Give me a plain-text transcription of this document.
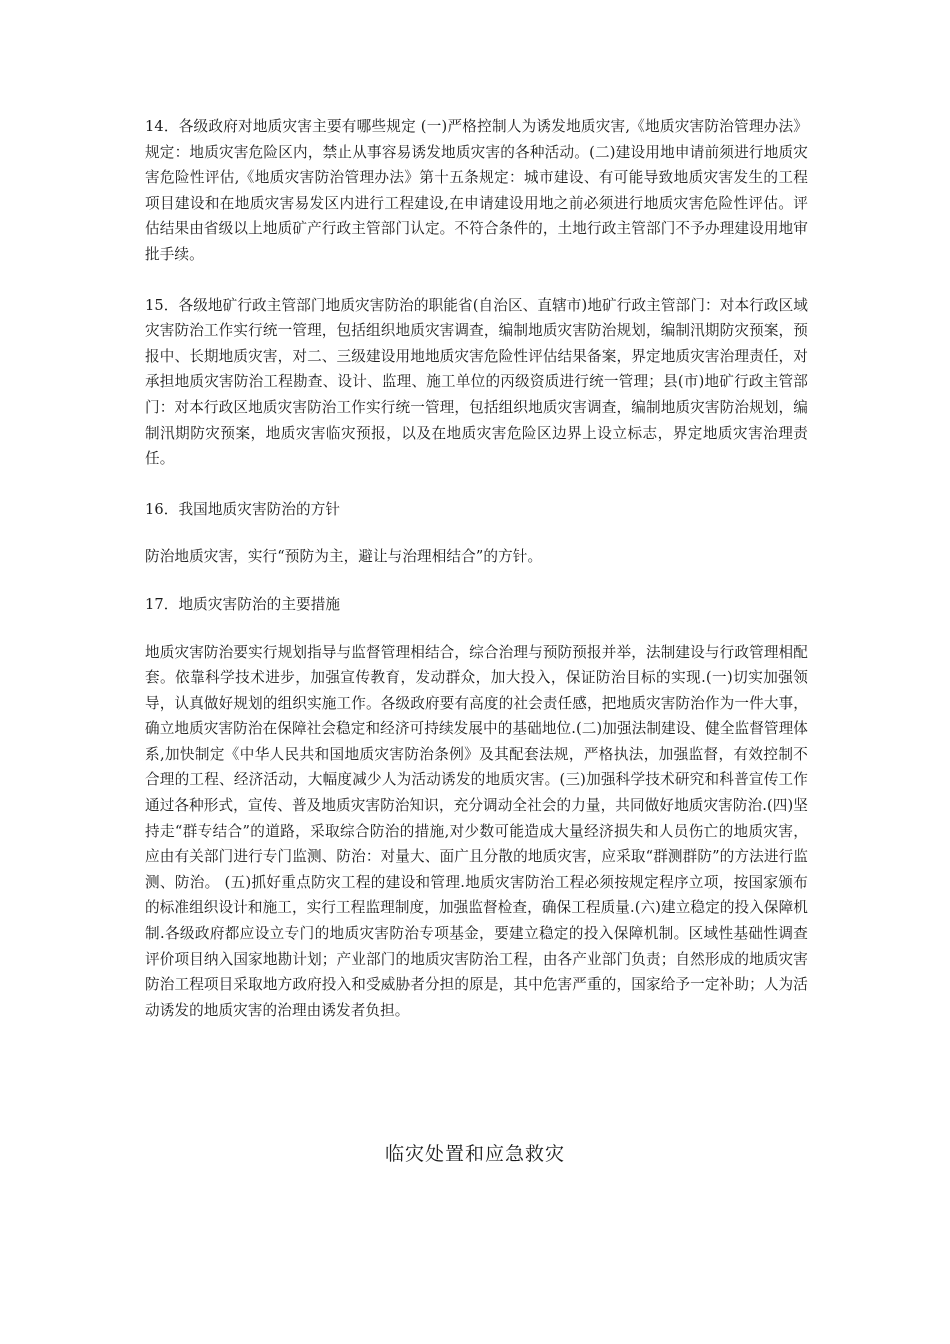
14．各级政府对地质灾害主要有哪些规定 (一)严格控制人为诱发地质灾害,《地质灾害防治管理办法》规定：地质灾害危险区内，禁止从事容易诱发地质灾害的各种活动。(二)建设用地申请前须进行地质灾害危险性评估,《地质灾害防治管理办法》第十五条规定：城市建设、有可能导致地质灾害发生的工程项目建设和在地质灾害易发区内进行工程建设,在申请建设用地之前必须进行地质灾害危险性评估。评估结果由省级以上地质矿产行政主管部门认定。不符合条件的，土地行政主管部门不予办理建设用地审批手续。

15．各级地矿行政主管部门地质灾害防治的职能省(自治区、直辖市)地矿行政主管部门：对本行政区域灾害防治工作实行统一管理，包括组织地质灾害调查，编制地质灾害防治规划，编制汛期防灾预案，预报中、长期地质灾害，对二、三级建设用地地质灾害危险性评估结果备案，界定地质灾害治理责任，对承担地质灾害防治工程勘查、设计、监理、施工单位的丙级资质进行统一管理；县(市)地矿行政主管部门：对本行政区地质灾害防治工作实行统一管理，包括组织地质灾害调查，编制地质灾害防治规划，编制汛期防灾预案，地质灾害临灾预报，以及在地质灾害危险区边界上设立标志，界定地质灾害治理责任。

16．我国地质灾害防治的方针

防治地质灾害，实行“预防为主，避让与治理相结合”的方针。

17．地质灾害防治的主要措施

地质灾害防治要实行规划指导与监督管理相结合，综合治理与预防预报并举，法制建设与行政管理相配套。依靠科学技术进步，加强宣传教育，发动群众，加大投入，保证防治目标的实现.(一)切实加强领导，认真做好规划的组织实施工作。各级政府要有高度的社会责任感，把地质灾害防治作为一件大事，确立地质灾害防治在保障社会稳定和经济可持续发展中的基础地位.(二)加强法制建设、健全监督管理体系,加快制定《中华人民共和国地质灾害防治条例》及其配套法规，严格执法，加强监督，有效控制不合理的工程、经济活动，大幅度减少人为活动诱发的地质灾害。(三)加强科学技术研究和科普宣传工作通过各种形式，宣传、普及地质灾害防治知识，充分调动全社会的力量，共同做好地质灾害防治.(四)坚持走“群专结合”的道路，采取综合防治的措施,对少数可能造成大量经济损失和人员伤亡的地质灾害，应由有关部门进行专门监测、防治：对量大、面广且分散的地质灾害，应采取“群测群防”的方法进行监测、防治。 (五)抓好重点防灾工程的建设和管理.地质灾害防治工程必须按规定程序立项，按国家颁布的标准组织设计和施工，实行工程监理制度，加强监督检查，确保工程质量.(六)建立稳定的投入保障机制.各级政府都应设立专门的地质灾害防治专项基金，要建立稳定的投入保障机制。区域性基础性调查评价项目纳入国家地勘计划；产业部门的地质灾害防治工程，由各产业部门负责；自然形成的地质灾害防治工程项目采取地方政府投入和受威胁者分担的原是，其中危害严重的，国家给予一定补助；人为活动诱发的地质灾害的治理由诱发者负担。

临灾处置和应急救灾
